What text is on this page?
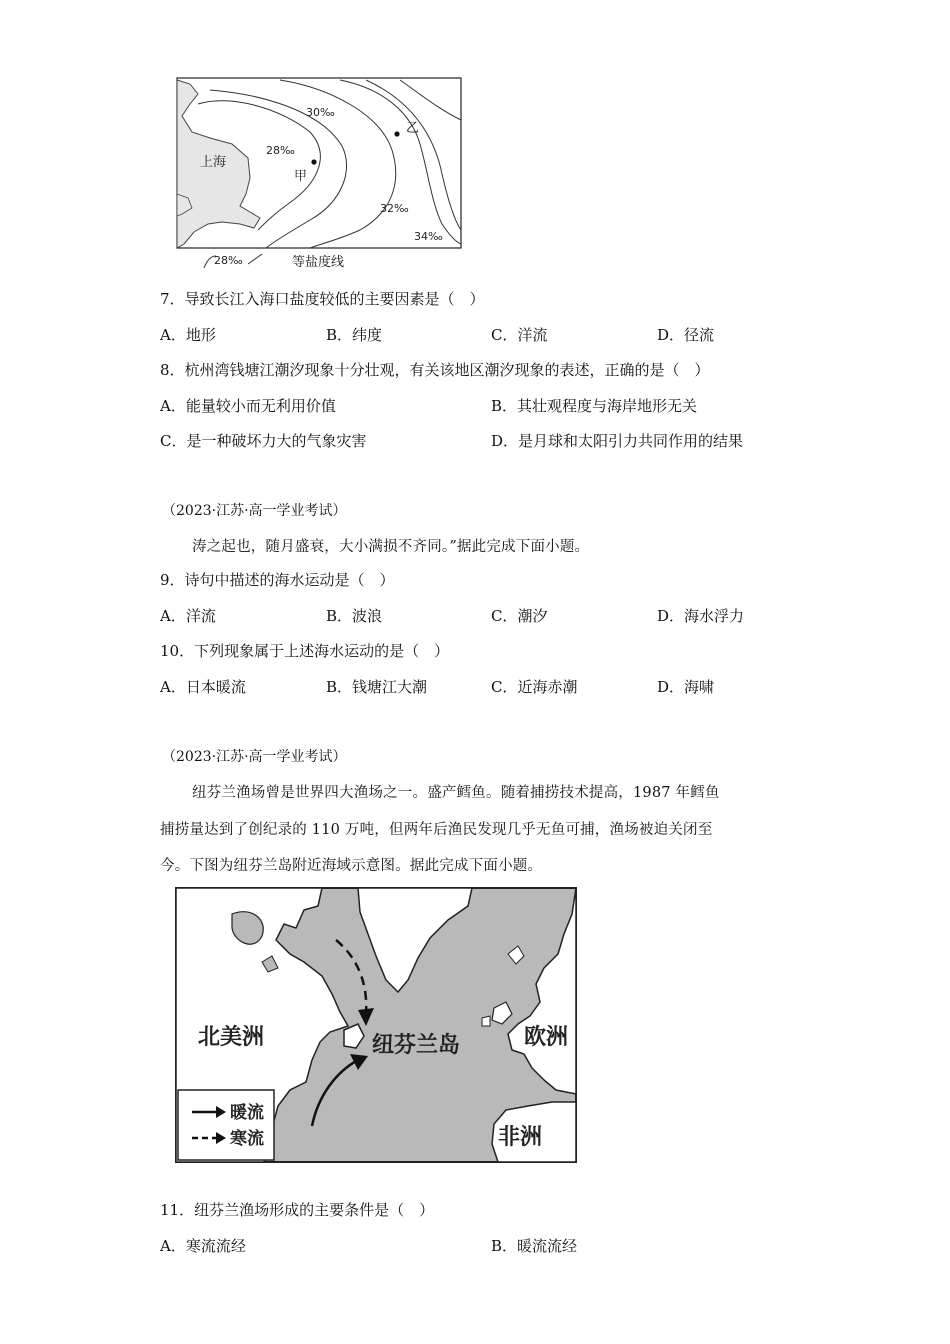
上海
甲
乙
30‰
28‰
32‰
34‰
28‰	等盐度线
7．导致长江入海口盐度较低的主要因素是（　）
A．地形	B．纬度	C．洋流	D．径流
8．杭州湾钱塘江潮汐现象十分壮观，有关该地区潮汐现象的表述，正确的是（　）
A．能量较小而无利用价值	B．其壮观程度与海岸地形无关
C．是一种破坏力大的气象灾害	D．是月球和太阳引力共同作用的结果
（2023·江苏·高一学业考试）
涛之起也，随月盛衰，大小满损不齐同。”据此完成下面小题。
9．诗句中描述的海水运动是（　）
A．洋流	B．波浪	C．潮汐	D．海水浮力
10．下列现象属于上述海水运动的是（　）
A．日本暖流	B．钱塘江大潮	C．近海赤潮	D．海啸
（2023·江苏·高一学业考试）
纽芬兰渔场曾是世界四大渔场之一。盛产鳕鱼。随着捕捞技术提高，1987 年鳕鱼
捕捞量达到了创纪录的 110 万吨，但两年后渔民发现几乎无鱼可捕，渔场被迫关闭至
今。下图为纽芬兰岛附近海域示意图。据此完成下面小题。
北美洲	纽芬兰岛	欧洲
非洲
暖流
寒流
11．纽芬兰渔场形成的主要条件是（　）
A．寒流流经	B．暖流流经
